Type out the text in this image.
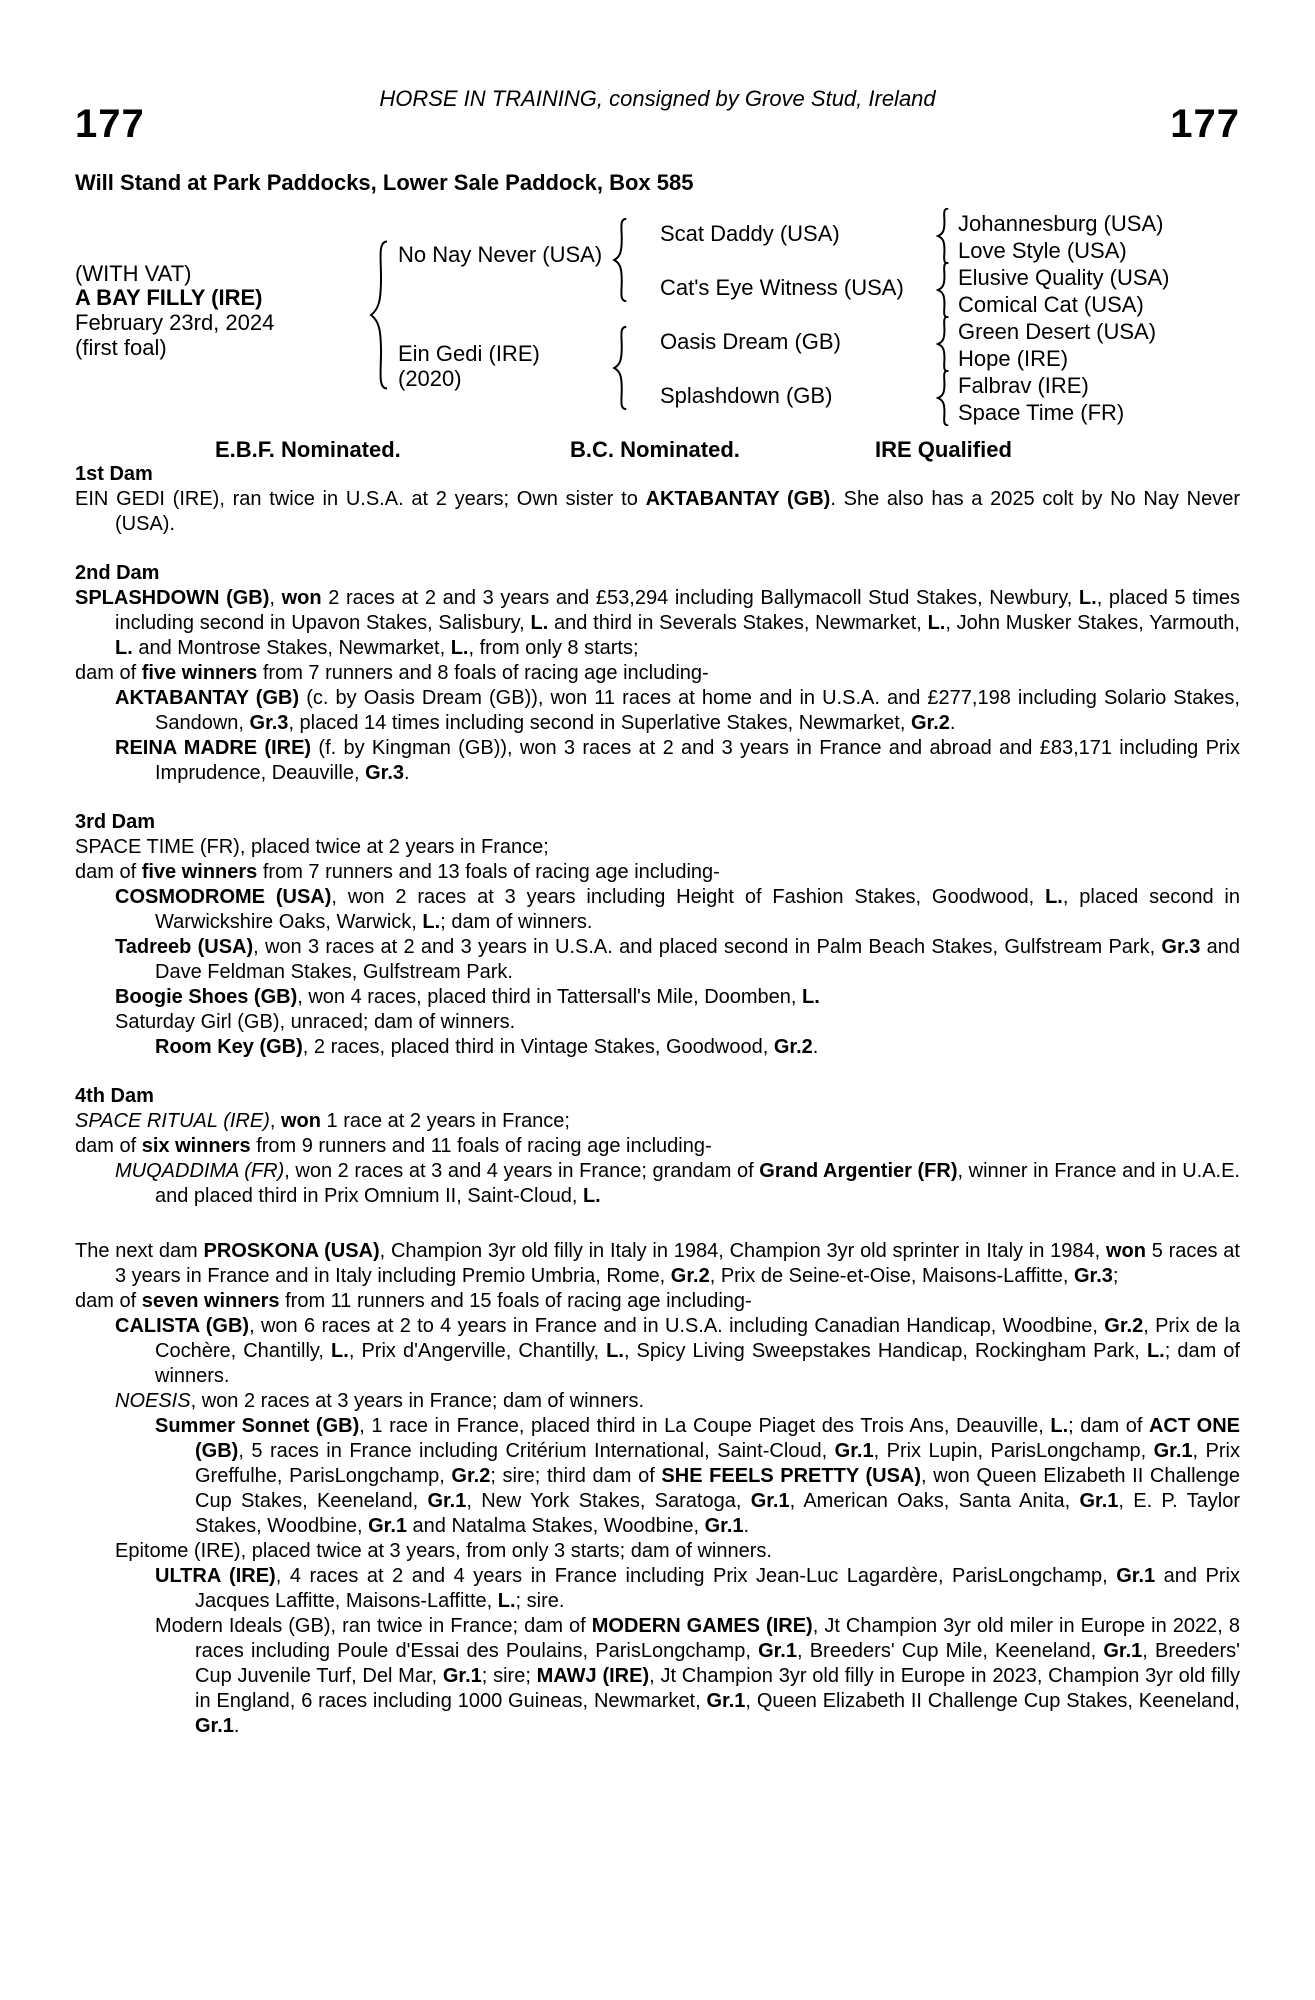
HORSE IN TRAINING, consigned by Grove Stud, Ireland
177	177
Will Stand at Park Paddocks, Lower Sale Paddock, Box 585
(WITH VAT)
A BAY FILLY (IRE)
February 23rd, 2024
(first foal)
No Nay Never (USA)
Ein Gedi (IRE)
(2020)
Scat Daddy (USA)
Cat's Eye Witness (USA)
Oasis Dream (GB)
Splashdown (GB)
Johannesburg (USA)
Love Style (USA)
Elusive Quality (USA)
Comical Cat (USA)
Green Desert (USA)
Hope (IRE)
Falbrav (IRE)
Space Time (FR)
E.B.F. Nominated.	B.C. Nominated.	IRE Qualified
1st Dam
EIN GEDI (IRE), ran twice in U.S.A. at 2 years; Own sister to AKTABANTAY (GB). She also has a 2025 colt by No Nay Never (USA).
2nd Dam
SPLASHDOWN (GB), won 2 races at 2 and 3 years and £53,294 including Ballymacoll Stud Stakes, Newbury, L., placed 5 times including second in Upavon Stakes, Salisbury, L. and third in Severals Stakes, Newmarket, L., John Musker Stakes, Yarmouth, L. and Montrose Stakes, Newmarket, L., from only 8 starts;
dam of five winners from 7 runners and 8 foals of racing age including-
AKTABANTAY (GB) (c. by Oasis Dream (GB)), won 11 races at home and in U.S.A. and £277,198 including Solario Stakes, Sandown, Gr.3, placed 14 times including second in Superlative Stakes, Newmarket, Gr.2.
REINA MADRE (IRE) (f. by Kingman (GB)), won 3 races at 2 and 3 years in France and abroad and £83,171 including Prix Imprudence, Deauville, Gr.3.
3rd Dam
SPACE TIME (FR), placed twice at 2 years in France;
dam of five winners from 7 runners and 13 foals of racing age including-
COSMODROME (USA), won 2 races at 3 years including Height of Fashion Stakes, Goodwood, L., placed second in Warwickshire Oaks, Warwick, L.; dam of winners.
Tadreeb (USA), won 3 races at 2 and 3 years in U.S.A. and placed second in Palm Beach Stakes, Gulfstream Park, Gr.3 and Dave Feldman Stakes, Gulfstream Park.
Boogie Shoes (GB), won 4 races, placed third in Tattersall's Mile, Doomben, L.
Saturday Girl (GB), unraced; dam of winners.
Room Key (GB), 2 races, placed third in Vintage Stakes, Goodwood, Gr.2.
4th Dam
SPACE RITUAL (IRE), won 1 race at 2 years in France;
dam of six winners from 9 runners and 11 foals of racing age including-
MUQADDIMA (FR), won 2 races at 3 and 4 years in France; grandam of Grand Argentier (FR), winner in France and in U.A.E. and placed third in Prix Omnium II, Saint-Cloud, L.
The next dam PROSKONA (USA), Champion 3yr old filly in Italy in 1984, Champion 3yr old sprinter in Italy in 1984, won 5 races at 3 years in France and in Italy including Premio Umbria, Rome, Gr.2, Prix de Seine-et-Oise, Maisons-Laffitte, Gr.3;
dam of seven winners from 11 runners and 15 foals of racing age including-
CALISTA (GB), won 6 races at 2 to 4 years in France and in U.S.A. including Canadian Handicap, Woodbine, Gr.2, Prix de la Cochère, Chantilly, L., Prix d'Angerville, Chantilly, L., Spicy Living Sweepstakes Handicap, Rockingham Park, L.; dam of winners.
NOESIS, won 2 races at 3 years in France; dam of winners.
Summer Sonnet (GB), 1 race in France, placed third in La Coupe Piaget des Trois Ans, Deauville, L.; dam of ACT ONE (GB), 5 races in France including Critérium International, Saint-Cloud, Gr.1, Prix Lupin, ParisLongchamp, Gr.1, Prix Greffulhe, ParisLongchamp, Gr.2; sire; third dam of SHE FEELS PRETTY (USA), won Queen Elizabeth II Challenge Cup Stakes, Keeneland, Gr.1, New York Stakes, Saratoga, Gr.1, American Oaks, Santa Anita, Gr.1, E. P. Taylor Stakes, Woodbine, Gr.1 and Natalma Stakes, Woodbine, Gr.1.
Epitome (IRE), placed twice at 3 years, from only 3 starts; dam of winners.
ULTRA (IRE), 4 races at 2 and 4 years in France including Prix Jean-Luc Lagardère, ParisLongchamp, Gr.1 and Prix Jacques Laffitte, Maisons-Laffitte, L.; sire.
Modern Ideals (GB), ran twice in France; dam of MODERN GAMES (IRE), Jt Champion 3yr old miler in Europe in 2022, 8 races including Poule d'Essai des Poulains, ParisLongchamp, Gr.1, Breeders' Cup Mile, Keeneland, Gr.1, Breeders' Cup Juvenile Turf, Del Mar, Gr.1; sire; MAWJ (IRE), Jt Champion 3yr old filly in Europe in 2023, Champion 3yr old filly in England, 6 races including 1000 Guineas, Newmarket, Gr.1, Queen Elizabeth II Challenge Cup Stakes, Keeneland, Gr.1.
